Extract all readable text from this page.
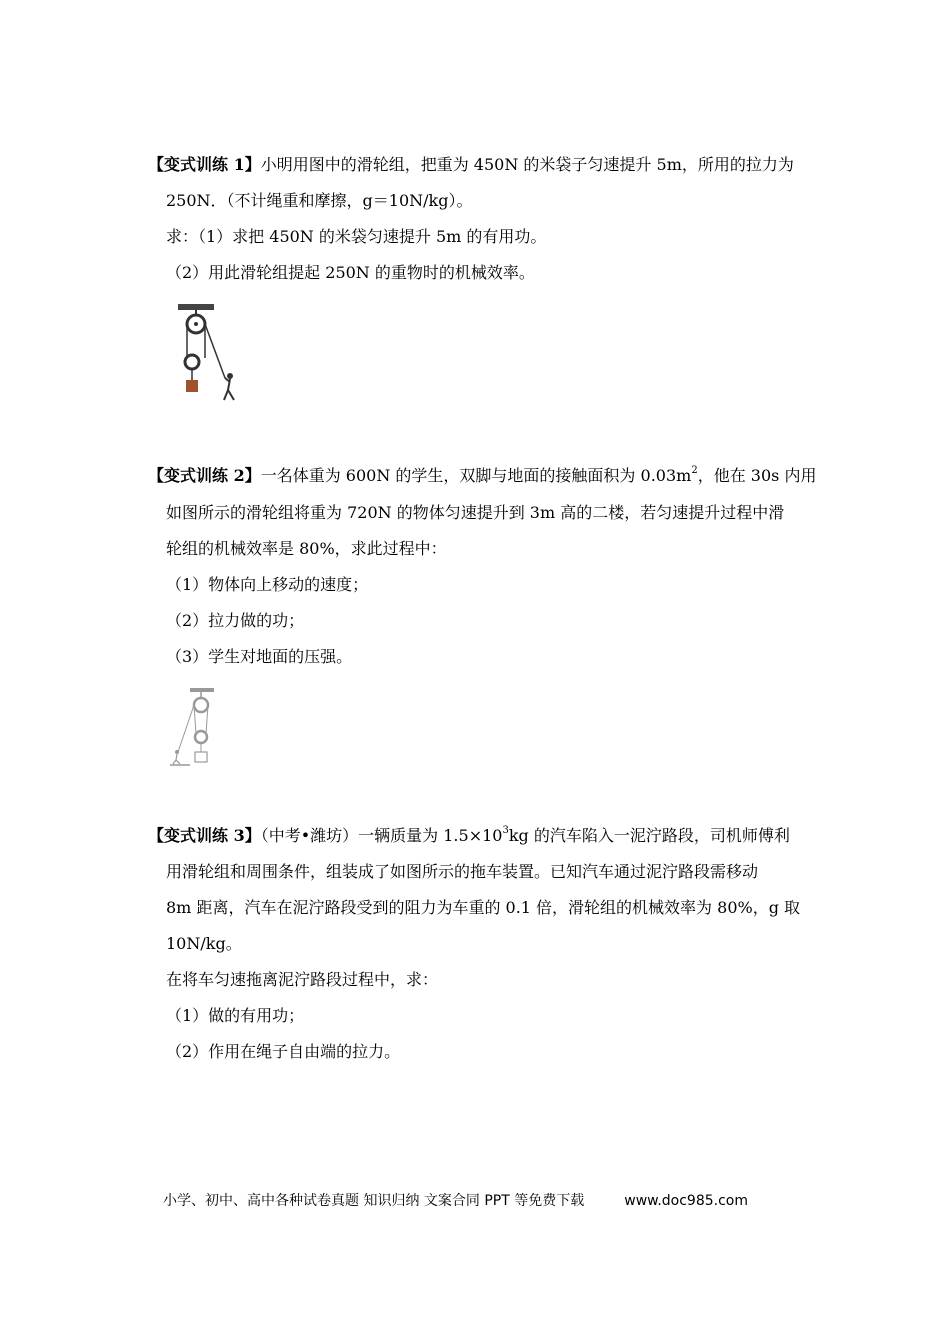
【变式训练 1】小明用图中的滑轮组，把重为 450N 的米袋子匀速提升 5m，所用的拉力为
250N．（不计绳重和摩擦，g＝10N/kg）。
求：（1）求把 450N 的米袋匀速提升 5m 的有用功。
（2）用此滑轮组提起 250N 的重物时的机械效率。
【变式训练 2】一名体重为 600N 的学生，双脚与地面的接触面积为 $0.03m^2$，他在 30s 内用
如图所示的滑轮组将重为 720N 的物体匀速提升到 3m 高的二楼，若匀速提升过程中滑
轮组的机械效率是 80%，求此过程中：
（1）物体向上移动的速度；
（2）拉力做的功；
（3）学生对地面的压强。
【变式训练 3】（中考•潍坊）一辆质量为 $1.5\times 10^3kg$ 的汽车陷入一泥泞路段，司机师傅利
用滑轮组和周围条件，组装成了如图所示的拖车装置。已知汽车通过泥泞路段需移动
8m 距离，汽车在泥泞路段受到的阻力为车重的 0.1 倍，滑轮组的机械效率为 80%，g 取
10N/kg。
在将车匀速拖离泥泞路段过程中，求：
（1）做的有用功；
（2）作用在绳子自由端的拉力。
小学、初中、高中各种试卷真题 知识归纳 文案合同 PPT 等免费下载	www.doc985.com
